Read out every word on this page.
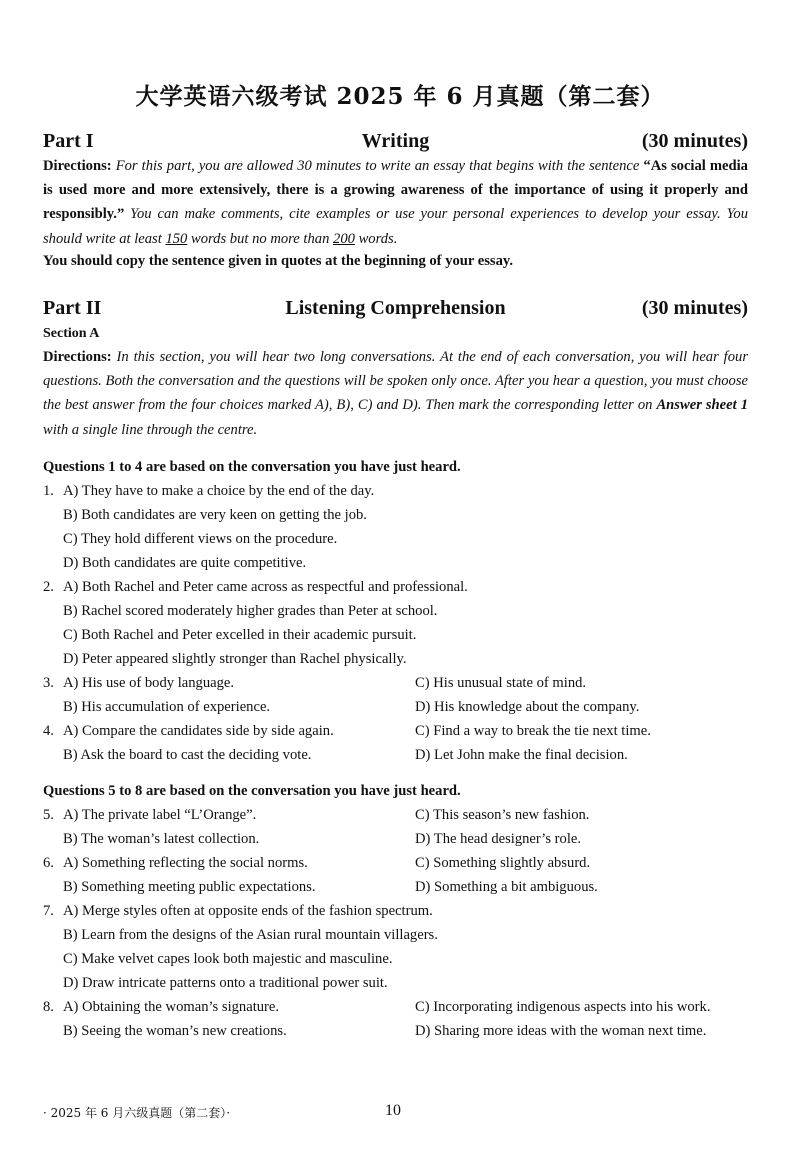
大学英语六级考试 2025 年 6 月真题（第二套）
Part I	Writing	(30 minutes)
Directions: For this part, you are allowed 30 minutes to write an essay that begins with the sentence “As social media is used more and more extensively, there is a growing awareness of the importance of using it properly and responsibly.” You can make comments, cite examples or use your personal experiences to develop your essay. You should write at least 150 words but no more than 200 words.
You should copy the sentence given in quotes at the beginning of your essay.
Part II	Listening Comprehension	(30 minutes)
Section A
Directions: In this section, you will hear two long conversations. At the end of each conversation, you will hear four questions. Both the conversation and the questions will be spoken only once. After you hear a question, you must choose the best answer from the four choices marked A), B), C) and D). Then mark the corresponding letter on Answer sheet 1 with a single line through the centre.
Questions 1 to 4 are based on the conversation you have just heard.
1. A) They have to make a choice by the end of the day.
B) Both candidates are very keen on getting the job.
C) They hold different views on the procedure.
D) Both candidates are quite competitive.
2. A) Both Rachel and Peter came across as respectful and professional.
B) Rachel scored moderately higher grades than Peter at school.
C) Both Rachel and Peter excelled in their academic pursuit.
D) Peter appeared slightly stronger than Rachel physically.
3. A) His use of body language.	C) His unusual state of mind.
B) His accumulation of experience.	D) His knowledge about the company.
4. A) Compare the candidates side by side again.	C) Find a way to break the tie next time.
B) Ask the board to cast the deciding vote.	D) Let John make the final decision.
Questions 5 to 8 are based on the conversation you have just heard.
5. A) The private label “L’Orange”.	C) This season’s new fashion.
B) The woman’s latest collection.	D) The head designer’s role.
6. A) Something reflecting the social norms.	C) Something slightly absurd.
B) Something meeting public expectations.	D) Something a bit ambiguous.
7. A) Merge styles often at opposite ends of the fashion spectrum.
B) Learn from the designs of the Asian rural mountain villagers.
C) Make velvet capes look both majestic and masculine.
D) Draw intricate patterns onto a traditional power suit.
8. A) Obtaining the woman’s signature.	C) Incorporating indigenous aspects into his work.
B) Seeing the woman’s new creations.	D) Sharing more ideas with the woman next time.
· 2025 年 6 月六级真题（第二套）·	10
